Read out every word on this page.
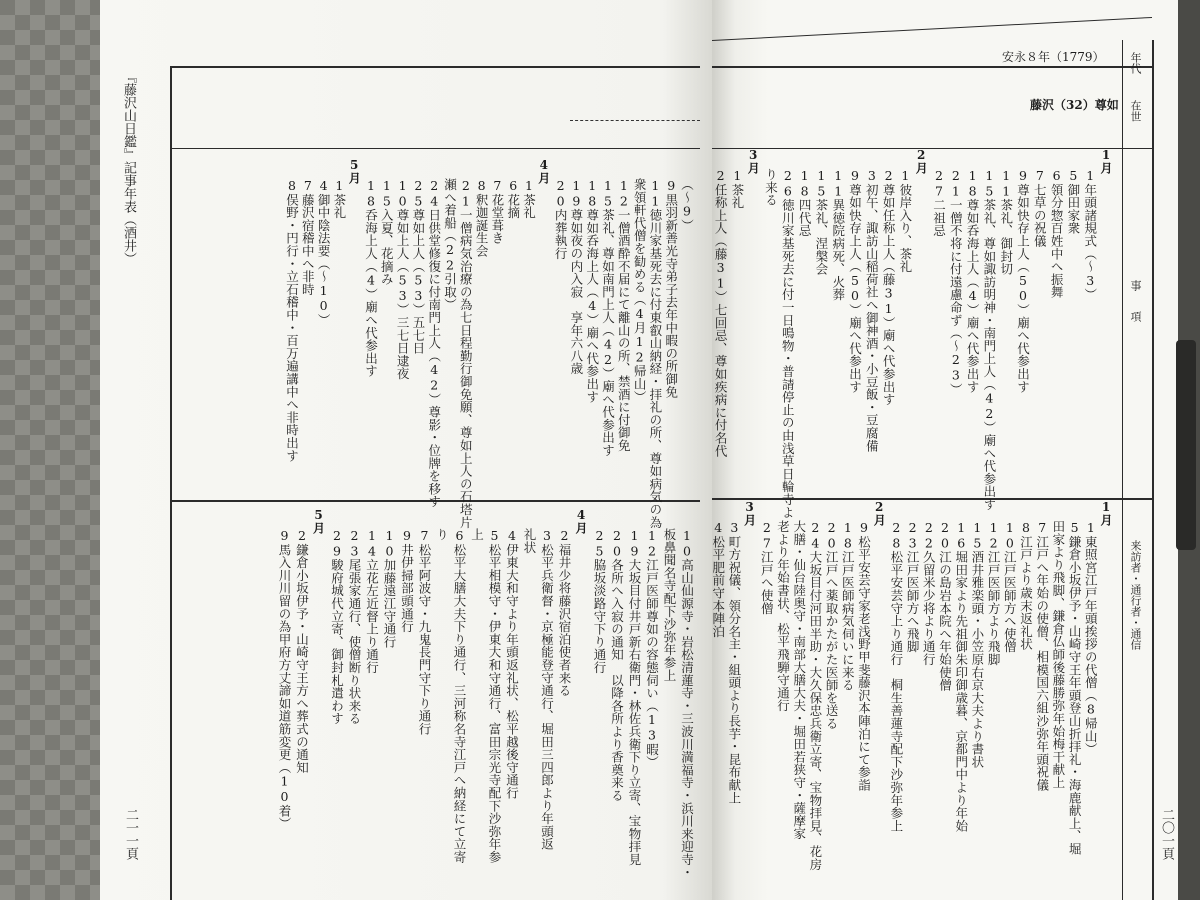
『藤沢山日鑑』記事年表（酒井）
二一一頁
（〜9）
9黒羽新善光寺弟子去年中暇の所御免
11徳川家基死去に付東叡山納経・拝礼の所、尊如病気の為
衆領軒代僧を勧める（4月12帰山）
12一僧酒酔不届にて離山の所、禁酒に付御免
15茶礼、尊如南門上人（42）廟へ代参出す
18尊如呑海上人（4）廟へ代参出す
19尊如夜の内入寂　享年六八歳
20内葬執行
4月
1茶礼
6花摘
7花堂葺き
8釈迦誕生会
21一僧病気治療の為七日程勤行御免願、尊如上人の石塔片
瀬へ着船（22引取）
24日供堂修復に付南門上人（42）尊影・位牌を移す
25尊如上人（53）五七日
10尊如上人（53）三七日逮夜
15入夏、花摘み
18呑海上人（4）廟へ代参出す
5月
1茶礼
4御中陰法要（〜10）
7藤沢宿稽中へ非時
8俣野・円行・立石稽中・百万遍講中へ非時出す
10高山仙源寺・岩松清蓮寺・三波川満福寺・浜川来迎寺・
板鼻聞名寺配下沙弥年参上
12江戸医師尊如の容態伺い（13暇）
19大坂目付井戸新右衛門・林佐兵衛下り立寄、宝物拝見
20各所へ入寂の通知　以降各所より香奠来る
25脇坂淡路守下り通行
4月
2福井少将藤沢宿泊使者来る
3松平兵衛督・京極能登守通行、堀田三四郎より年頭返
礼状
4伊東大和守より年頭返礼状、松平越後守通行
5松平相模守・伊東大和守通行、富田宗光寺配下沙弥年参
上
6松平大膳大夫下り通行、三河称名寺江戸へ納経にて立寄
り
7松平阿波守・九鬼長門守下り通行
9井伊掃部頭通行
10加藤遠江守通行
14立花左近督上り通行
23尾張家通行、使僧断り状来る
29駿府城代立寄、御封札遣わす
5月
2鎌倉小坂伊予・山崎守王方へ葬式の通知
9馬入川川留の為甲府方丈諦如道筋変更（10着）
年代
在世
事項
来訪者・通行者・通信
安永８年（1779）
藤沢（32）尊如
二〇一頁
1月
1年頭諸規式（〜3）
5御田家衆
6領分惣百姓中へ振舞
7七草の祝儀
9尊如快存上人（50）廟へ代参出す
11茶礼、御封切
15茶礼、尊如諏訪明神・南門上人（42）廟へ代参出す
18尊如呑海上人（4）廟へ代参出す
21一僧不将に付遠慮命ず（〜23）
27二祖忌
2月
1彼岸入り、茶礼
2尊如任称上人（藤31）廟へ代参出す
3初午、諏訪山稲荷社へ御神酒・小豆飯・豆腐備
9尊如快存上人（50）廟へ代参出す
11異徳院病死、火葬
15茶礼、涅槃会
18四代忌
26徳川家基死去に付一日鳴物・普請停止の由浅草日輪寺よ
り来る
3月
1茶礼
2任称上人（藤31）七回忌、尊如疾病に付名代
1月
1東照宮江戸年頭挨拶の代僧（8帰山）
5鎌倉小坂伊予・山崎守王年頭登山折拝礼・海鹿献上、堀
田家より飛脚、鎌倉仏師後藤勝弥年始梅干献上
7江戸へ年始の使僧、相模国六組沙弥年頭祝儀
8江戸より歳末返礼状
10江戸医師方へ使僧
12江戸医師方より飛脚
15酒井雅楽頭・小笠原右京大夫より書状
16堀田家より先祖御朱印御歳暮、京都門中より年始
20江の島岩本院へ年始使僧
22久留米少将より通行
23江戸医師方へ飛脚
28松平安芸守上り通行　桐生善蓮寺配下沙弥年参上
2月
9松平安芸守家老浅野甲斐藤沢本陣泊にて参詣
18江戸医師病気伺いに来る
20江戸へ薬取かたがた医師を送る
24大坂目付河田半助・大久保忠兵衛立寄、宝物拝見、花房
大膳・仙台陸奥守・南部大膳大夫・堀田若狭守・薩摩家
老より年始書状、松平飛騨守通行
27江戸へ使僧
3月
3町方祝儀、領分名主・組頭より長芋・昆布献上
4松平肥前守本陣泊
